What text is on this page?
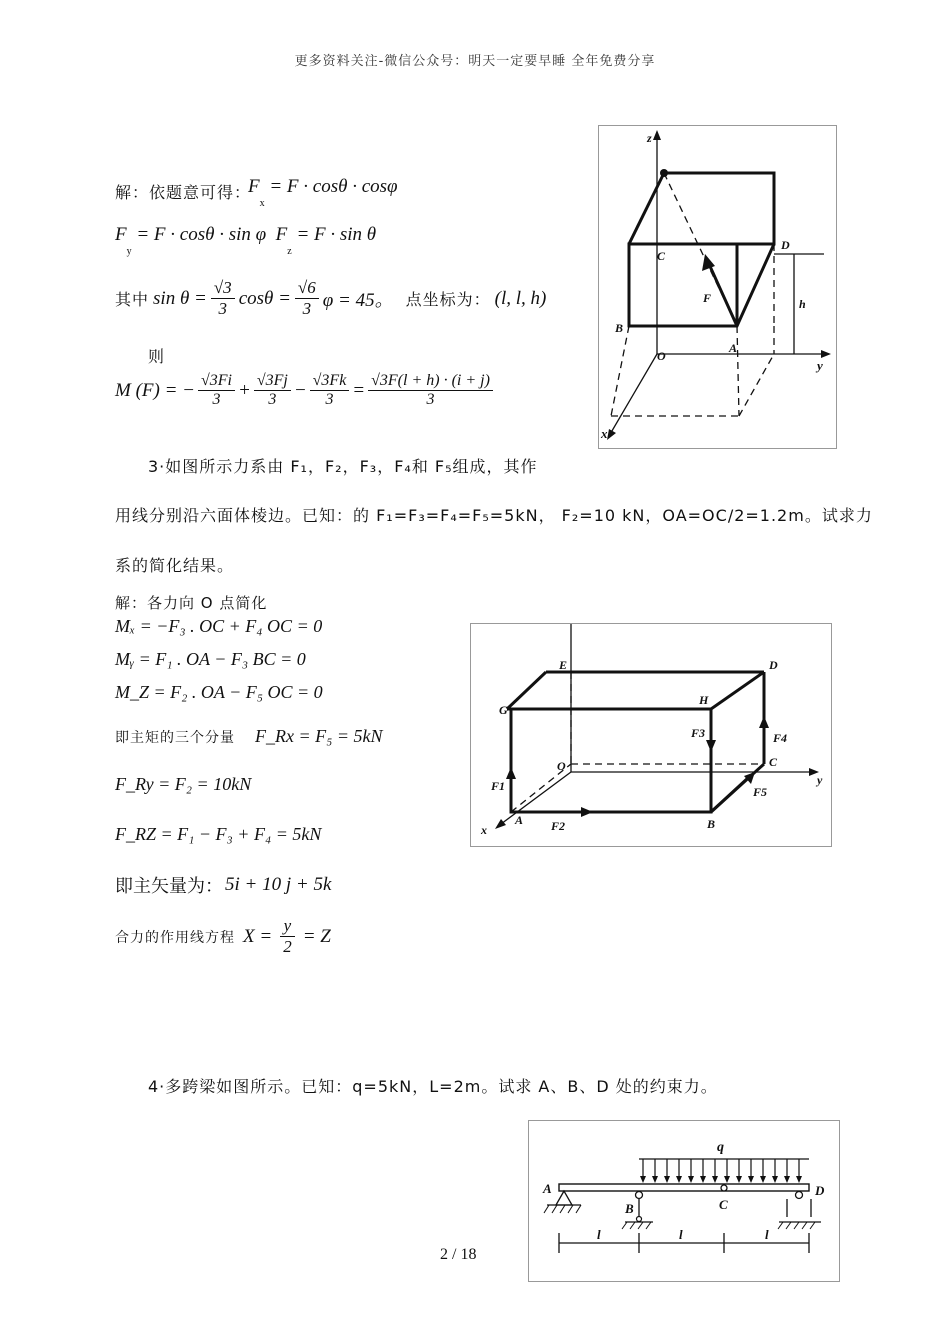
更多资料关注-微信公众号：明天一定要早睡 全年免费分享
解：依题意可得：
$F_x = F \cdot \cos\theta \cdot \cos\varphi$
$F_y = F \cdot \cos\theta \cdot \sin \varphi$ $F_z = F \cdot \sin \theta$
其中 $\sin \theta = \frac{√3}{3}$ $\cos\theta = \frac{√6}{3}$ φ = 45。 点坐标为： (l, l, h)
则
M (F) = − $\frac{√3Fi}{3} + \frac{√3Fj}{3} - \frac{√3Fk}{3} = \frac{√3F(l + h) \cdot (i + j)}{3}$
h
z
y
x
O
A
B
C
D
F
3·如图所示力系由 F₁，F₂，F₃，F₄和 F₅组成，其作
用线分别沿六面体棱边。已知：的 F₁=F₃=F₄=F₅=5kN， F₂=10 kN，OA=OC/2=1.2m。试求力
系的简化结果。
解：各力向 O 点简化
Mₓ = −F₃ . OC + F₄ OC = 0
Mᵧ = F₁ . OA − F₃ BC = 0
M_Z = F₂ . OA − F₅ OC = 0
即主矩的三个分量 F_Rx = F₅ = 5kN
F_Ry = F₂ = 10kN
F_RZ = F₁ − F₃ + F₄ = 5kN
即主矢量为： 5i + 10 j + 5k
合力的作用线方程 $X = \frac{y}{2} = Z$
E	D
G
H
O	C
y
x
A	B
F1
F2
F3	F4
F5
4·多跨梁如图所示。已知：q=5kN，L=2m。试求 A、B、D 处的约束力。
q
A
B	C
D
l	l	l
2 / 18
